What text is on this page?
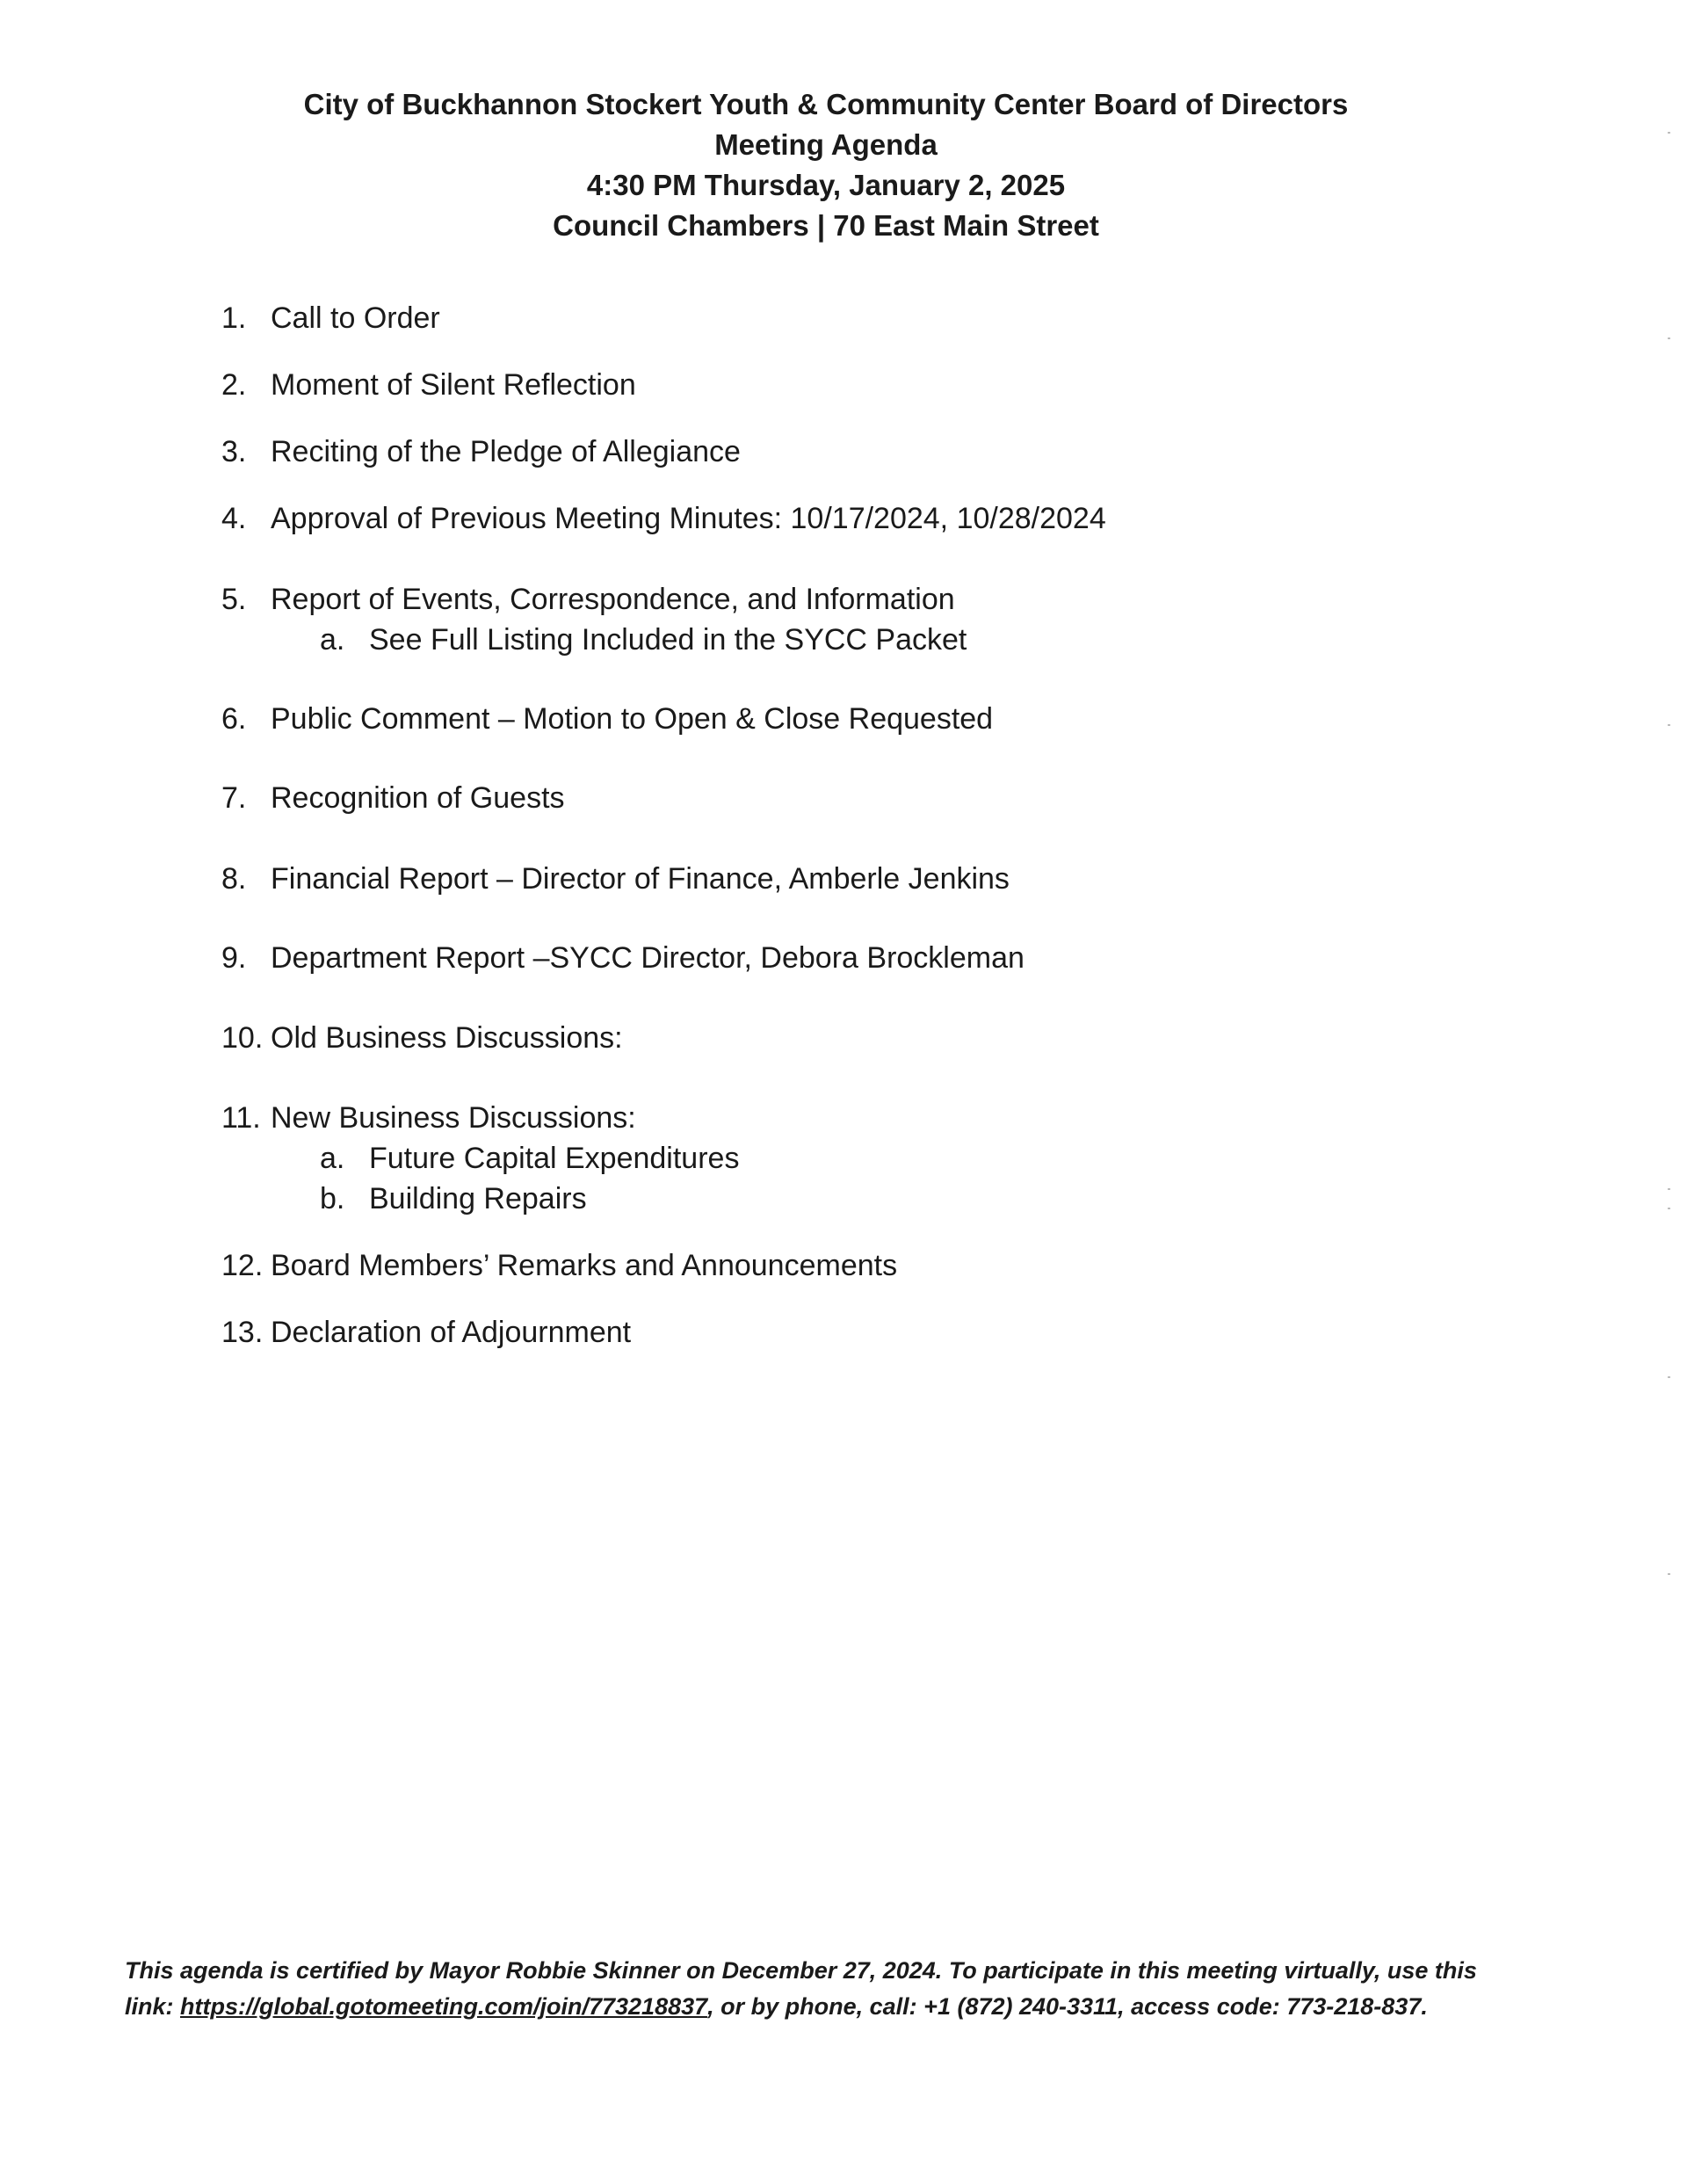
City of Buckhannon Stockert Youth & Community Center Board of Directors
Meeting Agenda
4:30 PM Thursday, January 2, 2025
Council Chambers | 70 East Main Street
1. Call to Order
2. Moment of Silent Reflection
3. Reciting of the Pledge of Allegiance
4. Approval of Previous Meeting Minutes: 10/17/2024, 10/28/2024
5. Report of Events, Correspondence, and Information
a. See Full Listing Included in the SYCC Packet
6. Public Comment – Motion to Open & Close Requested
7. Recognition of Guests
8. Financial Report – Director of Finance, Amberle Jenkins
9. Department Report –SYCC Director, Debora Brockleman
10. Old Business Discussions:
11. New Business Discussions:
a. Future Capital Expenditures
b. Building Repairs
12. Board Members’ Remarks and Announcements
13. Declaration of Adjournment
This agenda is certified by Mayor Robbie Skinner on December 27, 2024. To participate in this meeting virtually, use this link: https://global.gotomeeting.com/join/773218837, or by phone, call: +1 (872) 240-3311, access code: 773-218-837.
